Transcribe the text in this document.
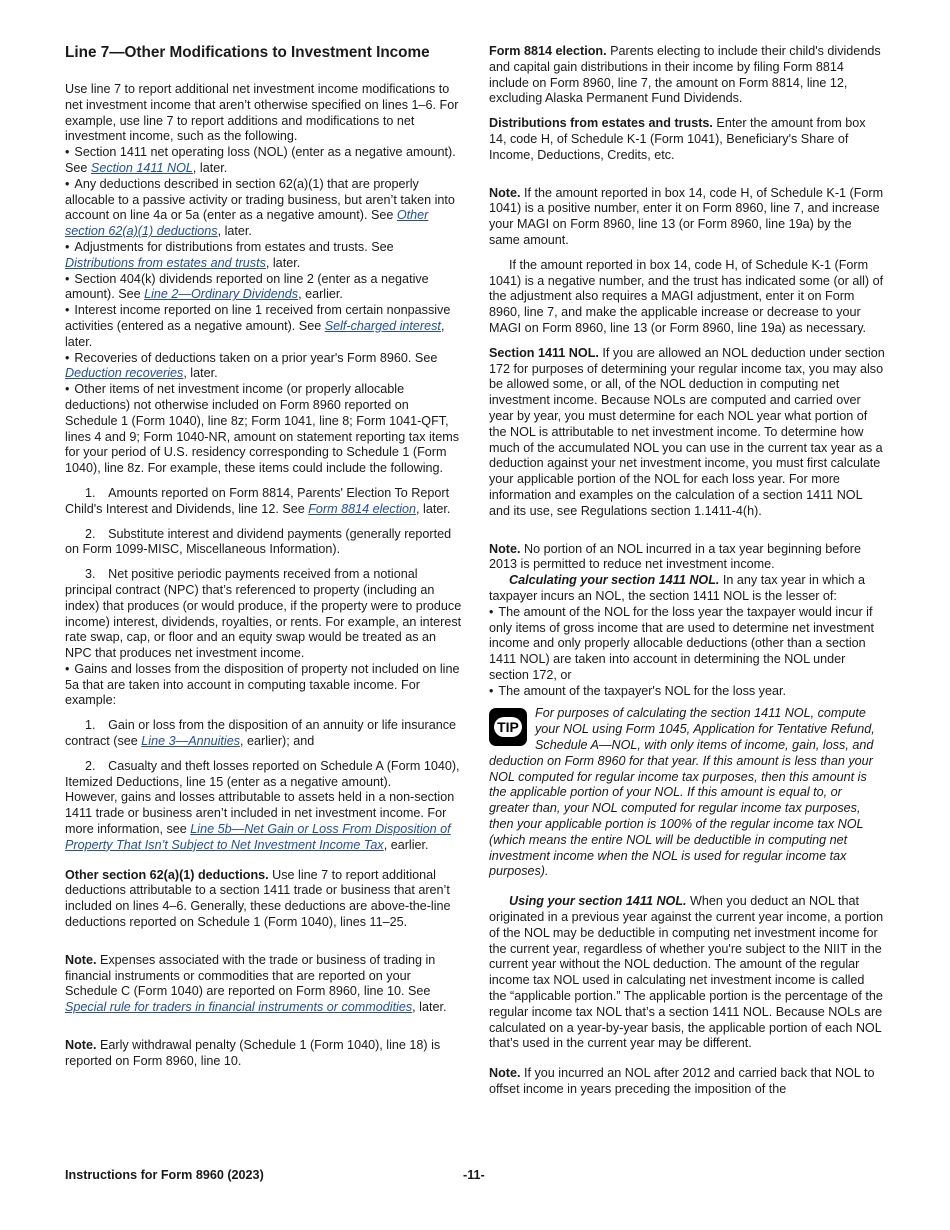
Line 7—Other Modifications to Investment Income

Use line 7 to report additional net investment income modifications to net investment income that aren’t otherwise specified on lines 1–6. For example, use line 7 to report additions and modifications to net investment income, such as the following.

• Section 1411 net operating loss (NOL) (enter as a negative amount). See Section 1411 NOL, later.

• Any deductions described in section 62(a)(1) that are properly allocable to a passive activity or trading business, but aren’t taken into account on line 4a or 5a (enter as a negative amount). See Other section 62(a)(1) deductions, later.

• Adjustments for distributions from estates and trusts. See Distributions from estates and trusts, later.

• Section 404(k) dividends reported on line 2 (enter as a negative amount). See Line 2—Ordinary Dividends, earlier.

• Interest income reported on line 1 received from certain nonpassive activities (entered as a negative amount). See Self-charged interest, later.

• Recoveries of deductions taken on a prior year's Form 8960. See Deduction recoveries, later.

• Other items of net investment income (or properly allocable deductions) not otherwise included on Form 8960 reported on Schedule 1 (Form 1040), line 8z; Form 1041, line 8; Form 1041-QFT, lines 4 and 9; Form 1040-NR, amount on statement reporting tax items for your period of U.S. residency corresponding to Schedule 1 (Form 1040), line 8z. For example, these items could include the following.

1. Amounts reported on Form 8814, Parents' Election To Report Child's Interest and Dividends, line 12. See Form 8814 election, later.

2. Substitute interest and dividend payments (generally reported on Form 1099-MISC, Miscellaneous Information).

3. Net positive periodic payments received from a notional principal contract (NPC) that’s referenced to property (including an index) that produces (or would produce, if the property were to produce income) interest, dividends, royalties, or rents. For example, an interest rate swap, cap, or floor and an equity swap would be treated as an NPC that produces net investment income.

• Gains and losses from the disposition of property not included on line 5a that are taken into account in computing taxable income. For example:

1. Gain or loss from the disposition of an annuity or life insurance contract (see Line 3—Annuities, earlier); and

2. Casualty and theft losses reported on Schedule A (Form 1040), Itemized Deductions, line 15 (enter as a negative amount).

However, gains and losses attributable to assets held in a non-section 1411 trade or business aren’t included in net investment income. For more information, see Line 5b—Net Gain or Loss From Disposition of Property That Isn’t Subject to Net Investment Income Tax, earlier.

Other section 62(a)(1) deductions. Use line 7 to report additional deductions attributable to a section 1411 trade or business that aren’t included on lines 4–6. Generally, these deductions are above-the-line deductions reported on Schedule 1 (Form 1040), lines 11–25.

Note. Expenses associated with the trade or business of trading in financial instruments or commodities that are reported on your Schedule C (Form 1040) are reported on Form 8960, line 10. See Special rule for traders in financial instruments or commodities, later.

Note. Early withdrawal penalty (Schedule 1 (Form 1040), line 18) is reported on Form 8960, line 10.

Form 8814 election. Parents electing to include their child's dividends and capital gain distributions in their income by filing Form 8814 include on Form 8960, line 7, the amount on Form 8814, line 12, excluding Alaska Permanent Fund Dividends.

Distributions from estates and trusts. Enter the amount from box 14, code H, of Schedule K-1 (Form 1041), Beneficiary's Share of Income, Deductions, Credits, etc.

Note. If the amount reported in box 14, code H, of Schedule K-1 (Form 1041) is a positive number, enter it on Form 8960, line 7, and increase your MAGI on Form 8960, line 13 (or Form 8960, line 19a) by the same amount.

If the amount reported in box 14, code H, of Schedule K-1 (Form 1041) is a negative number, and the trust has indicated some (or all) of the adjustment also requires a MAGI adjustment, enter it on Form 8960, line 7, and make the applicable increase or decrease to your MAGI on Form 8960, line 13 (or Form 8960, line 19a) as necessary.

Section 1411 NOL. If you are allowed an NOL deduction under section 172 for purposes of determining your regular income tax, you may also be allowed some, or all, of the NOL deduction in computing net investment income. Because NOLs are computed and carried over year by year, you must determine for each NOL year what portion of the NOL is attributable to net investment income. To determine how much of the accumulated NOL you can use in the current tax year as a deduction against your net investment income, you must first calculate your applicable portion of the NOL for each loss year. For more information and examples on the calculation of a section 1411 NOL and its use, see Regulations section 1.1411-4(h).

Note. No portion of an NOL incurred in a tax year beginning before 2013 is permitted to reduce net investment income.

Calculating your section 1411 NOL. In any tax year in which a taxpayer incurs an NOL, the section 1411 NOL is the lesser of:

• The amount of the NOL for the loss year the taxpayer would incur if only items of gross income that are used to determine net investment income and only properly allocable deductions (other than a section 1411 NOL) are taken into account in determining the NOL under section 172, or

• The amount of the taxpayer's NOL for the loss year.

TIP
For purposes of calculating the section 1411 NOL, compute your NOL using Form 1045, Application for Tentative Refund, Schedule A—NOL, with only items of income, gain, loss, and deduction on Form 8960 for that year. If this amount is less than your NOL computed for regular income tax purposes, then this amount is the applicable portion of your NOL. If this amount is equal to, or greater than, your NOL computed for regular income tax purposes, then your applicable portion is 100% of the regular income tax NOL (which means the entire NOL will be deductible in computing net investment income when the NOL is used for regular income tax purposes).

Using your section 1411 NOL. When you deduct an NOL that originated in a previous year against the current year income, a portion of the NOL may be deductible in computing net investment income for the current year, regardless of whether you're subject to the NIIT in the current year without the NOL deduction. The amount of the regular income tax NOL used in calculating net investment income is called the “applicable portion.” The applicable portion is the percentage of the regular income tax NOL that’s a section 1411 NOL. Because NOLs are calculated on a year-by-year basis, the applicable portion of each NOL that’s used in the current year may be different.

Note. If you incurred an NOL after 2012 and carried back that NOL to offset income in years preceding the imposition of the

Instructions for Form 8960 (2023)	-11-
